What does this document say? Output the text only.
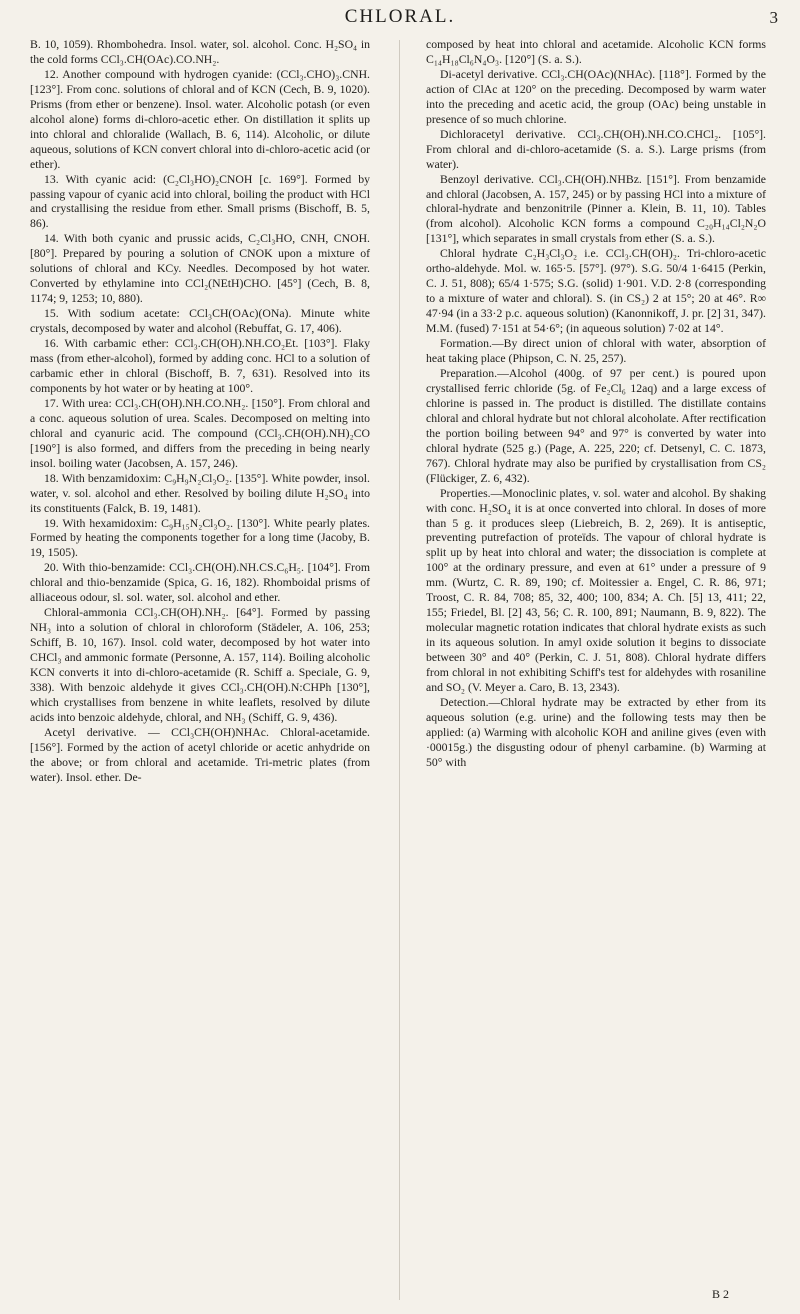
CHLORAL.	3

B. 10, 1059). Rhombohedra. Insol. water, sol. alcohol. Conc. H₂SO₄ in the cold forms CCl₃.CH(OAc).CO.NH₂.

12. Another compound with hydrogen cyanide: (CCl₃.CHO)₃.CNH. [123°]. From conc. solutions of chloral and of KCN (Cech, B. 9, 1020). Prisms (from ether or benzene). Insol. water. Alcoholic potash (or even alcohol alone) forms di-chloro-acetic ether. On distillation it splits up into chloral and chloralide (Wallach, B. 6, 114). Alcoholic, or dilute aqueous, solutions of KCN convert chloral into di-chloro-acetic acid (or ether).

13. With cyanic acid: (C₂Cl₃HO)₂CNOH [c. 169°]. Formed by passing vapour of cyanic acid into chloral, boiling the product with HCl and crystallising the residue from ether. Small prisms (Bischoff, B. 5, 86).

14. With both cyanic and prussic acids, C₂Cl₃HO, CNH, CNOH. [80°]. Prepared by pouring a solution of CNOK upon a mixture of solutions of chloral and KCy. Needles. Decomposed by hot water. Converted by ethylamine into CCl₂(NEtH)CHO. [45°] (Cech, B. 8, 1174; 9, 1253; 10, 880).

15. With sodium acetate: CCl₃CH(OAc)(ONa). Minute white crystals, decomposed by water and alcohol (Rebuffat, G. 17, 406).

16. With carbamic ether: CCl₃.CH(OH).NH.CO₂Et. [103°]. Flaky mass (from ether-alcohol), formed by adding conc. HCl to a solution of carbamic ether in chloral (Bischoff, B. 7, 631). Resolved into its components by hot water or by heating at 100°.

17. With urea: CCl₃.CH(OH).NH.CO.NH₂. [150°]. From chloral and a conc. aqueous solution of urea. Scales. Decomposed on melting into chloral and cyanuric acid. The compound (CCl₃.CH(OH).NH)₂CO [190°] is also formed, and differs from the preceding in being nearly insol. boiling water (Jacobsen, A. 157, 246).

18. With benzamidoxim: C₉H₉N₂Cl₃O₂. [135°]. White powder, insol. water, v. sol. alcohol and ether. Resolved by boiling dilute H₂SO₄ into its constituents (Falck, B. 19, 1481).

19. With hexamidoxim: C₉H₁₅N₂Cl₃O₂. [130°]. White pearly plates. Formed by heating the components together for a long time (Jacoby, B. 19, 1505).

20. With thio-benzamide: CCl₃.CH(OH).NH.CS.C₆H₅. [104°]. From chloral and thio-benzamide (Spica, G. 16, 182). Rhomboidal prisms of alliaceous odour, sl. sol. water, sol. alcohol and ether.

Chloral-ammonia CCl₃.CH(OH).NH₂. [64°]. Formed by passing NH₃ into a solution of chloral in chloroform (Städeler, A. 106, 253; Schiff, B. 10, 167). Insol. cold water, decomposed by hot water into CHCl₃ and ammonic formate (Personne, A. 157, 114). Boiling alcoholic KCN converts it into di-chloro-acetamide (R. Schiff a. Speciale, G. 9, 338). With benzoic aldehyde it gives CCl₃.CH(OH).N:CHPh [130°], which crystallises from benzene in white leaflets, resolved by dilute acids into benzoic aldehyde, chloral, and NH₃ (Schiff, G. 9, 436).

Acetyl derivative. — CCl₃CH(OH)NHAc. Chloral-acetamide. [156°]. Formed by the action of acetyl chloride or acetic anhydride on the above; or from chloral and acetamide. Tri-metric plates (from water). Insol. ether. De-

composed by heat into chloral and acetamide. Alcoholic KCN forms C₁₄H₁₈Cl₆N₄O₃. [120°] (S. a. S.).

Di-acetyl derivative. CCl₃.CH(OAc)(NHAc). [118°]. Formed by the action of ClAc at 120° on the preceding. Decomposed by warm water into the preceding and acetic acid, the group (OAc) being unstable in presence of so much chlorine.

Dichloracetyl derivative. CCl₃.CH(OH).NH.CO.CHCl₂. [105°]. From chloral and di-chloro-acetamide (S. a. S.). Large prisms (from water).

Benzoyl derivative. CCl₃.CH(OH).NHBz. [151°]. From benzamide and chloral (Jacobsen, A. 157, 245) or by passing HCl into a mixture of chloral-hydrate and benzonitrile (Pinner a. Klein, B. 11, 10). Tables (from alcohol). Alcoholic KCN forms a compound C₂₀H₁₄Cl₂N₂O [131°], which separates in small crystals from ether (S. a. S.).

Chloral hydrate C₂H₃Cl₃O₂ i.e. CCl₃.CH(OH)₂. Tri-chloro-acetic ortho-aldehyde. Mol. w. 165·5. [57°]. (97°). S.G. 50/4 1·6415 (Perkin, C. J. 51, 808); 65/4 1·575; S.G. (solid) 1·901. V.D. 2·8 (corresponding to a mixture of water and chloral). S. (in CS₂) 2 at 15°; 20 at 46°. R∞ 47·94 (in a 33·2 p.c. aqueous solution) (Kanonnikoff, J. pr. [2] 31, 347). M.M. (fused) 7·151 at 54·6°; (in aqueous solution) 7·02 at 14°.

Formation.—By direct union of chloral with water, absorption of heat taking place (Phipson, C. N. 25, 257).

Preparation.—Alcohol (400g. of 97 per cent.) is poured upon crystallised ferric chloride (5g. of Fe₂Cl₆ 12aq) and a large excess of chlorine is passed in. The product is distilled. The distillate contains chloral and chloral hydrate but not chloral alcoholate. After rectification the portion boiling between 94° and 97° is converted by water into chloral hydrate (525 g.) (Page, A. 225, 220; cf. Detsenyl, C. C. 1873, 767). Chloral hydrate may also be purified by crystallisation from CS₂ (Flückiger, Z. 6, 432).

Properties.—Monoclinic plates, v. sol. water and alcohol. By shaking with conc. H₂SO₄ it is at once converted into chloral. In doses of more than 5 g. it produces sleep (Liebreich, B. 2, 269). It is antiseptic, preventing putrefaction of proteïds. The vapour of chloral hydrate is split up by heat into chloral and water; the dissociation is complete at 100° at the ordinary pressure, and even at 61° under a pressure of 9 mm. (Wurtz, C. R. 89, 190; cf. Moitessier a. Engel, C. R. 86, 971; Troost, C. R. 84, 708; 85, 32, 400; 100, 834; A. Ch. [5] 13, 411; 22, 155; Friedel, Bl. [2] 43, 56; C. R. 100, 891; Naumann, B. 9, 822). The molecular magnetic rotation indicates that chloral hydrate exists as such in its aqueous solution. In amyl oxide solution it begins to dissociate between 30° and 40° (Perkin, C. J. 51, 808). Chloral hydrate differs from chloral in not exhibiting Schiff's test for aldehydes with rosaniline and SO₂ (V. Meyer a. Caro, B. 13, 2343).

Detection.—Chloral hydrate may be extracted by ether from its aqueous solution (e.g. urine) and the following tests may then be applied: (a) Warming with alcoholic KOH and aniline gives (even with ·00015g.) the disgusting odour of phenyl carbamine. (b) Warming at 50° with

B 2
